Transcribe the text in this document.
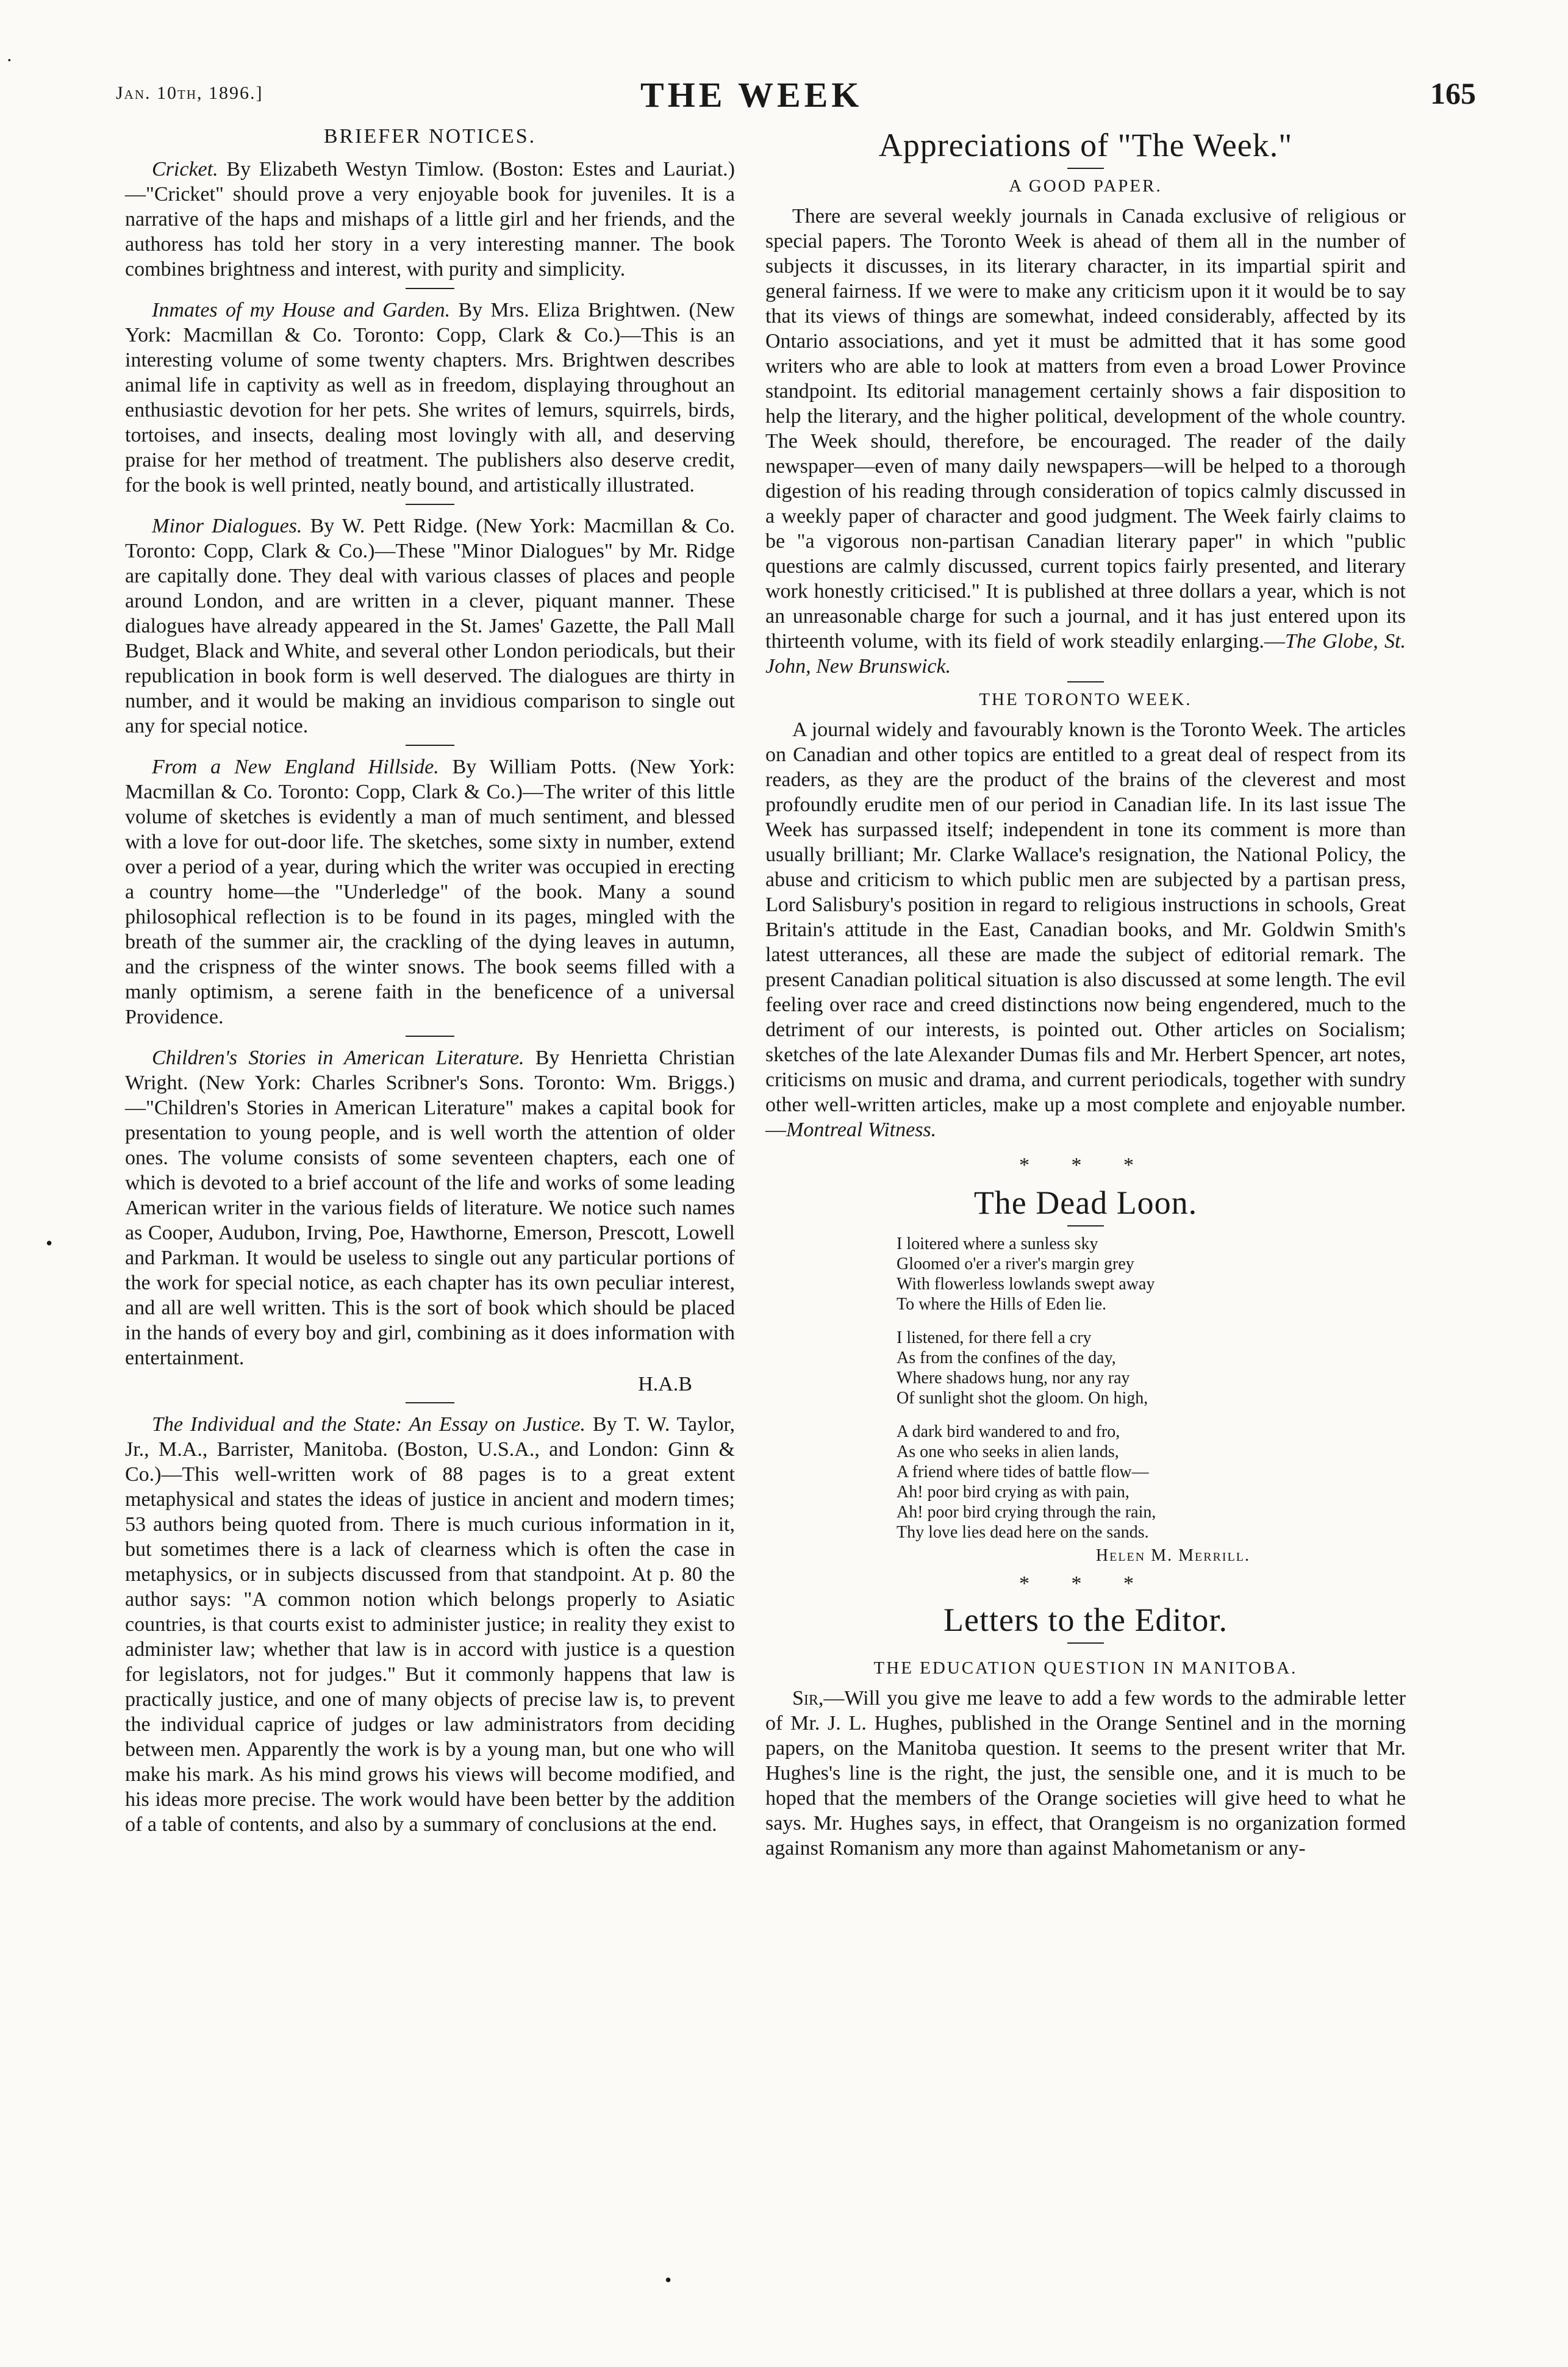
Jan. 10th, 1896.]	THE WEEK	165
·
•
•
BRIEFER NOTICES.

Cricket. By Elizabeth Westyn Timlow. (Boston: Estes and Lauriat.)—"Cricket" should prove a very enjoyable book for juveniles. It is a narrative of the haps and mishaps of a little girl and her friends, and the authoress has told her story in a very interesting manner. The book combines brightness and interest, with purity and simplicity.

Inmates of my House and Garden. By Mrs. Eliza Brightwen. (New York: Macmillan & Co. Toronto: Copp, Clark & Co.)—This is an interesting volume of some twenty chapters. Mrs. Brightwen describes animal life in captivity as well as in freedom, displaying throughout an enthusiastic devotion for her pets. She writes of lemurs, squirrels, birds, tortoises, and insects, dealing most lovingly with all, and deserving praise for her method of treatment. The publishers also deserve credit, for the book is well printed, neatly bound, and artistically illustrated.

Minor Dialogues. By W. Pett Ridge. (New York: Macmillan & Co. Toronto: Copp, Clark & Co.)—These "Minor Dialogues" by Mr. Ridge are capitally done. They deal with various classes of places and people around London, and are written in a clever, piquant manner. These dialogues have already appeared in the St. James' Gazette, the Pall Mall Budget, Black and White, and several other London periodicals, but their republication in book form is well deserved. The dialogues are thirty in number, and it would be making an invidious comparison to single out any for special notice.

From a New England Hillside. By William Potts. (New York: Macmillan & Co. Toronto: Copp, Clark & Co.)—The writer of this little volume of sketches is evidently a man of much sentiment, and blessed with a love for out-door life. The sketches, some sixty in number, extend over a period of a year, during which the writer was occupied in erecting a country home—the "Underledge" of the book. Many a sound philosophical reflection is to be found in its pages, mingled with the breath of the summer air, the crackling of the dying leaves in autumn, and the crispness of the winter snows. The book seems filled with a manly optimism, a serene faith in the beneficence of a universal Providence.

Children's Stories in American Literature. By Henrietta Christian Wright. (New York: Charles Scribner's Sons. Toronto: Wm. Briggs.)—"Children's Stories in American Literature" makes a capital book for presentation to young people, and is well worth the attention of older ones. The volume consists of some seventeen chapters, each one of which is devoted to a brief account of the life and works of some leading American writer in the various fields of literature. We notice such names as Cooper, Audubon, Irving, Poe, Hawthorne, Emerson, Prescott, Lowell and Parkman. It would be useless to single out any particular portions of the work for special notice, as each chapter has its own peculiar interest, and all are well written. This is the sort of book which should be placed in the hands of every boy and girl, combining as it does information with entertainment.

H.A.B

The Individual and the State: An Essay on Justice. By T. W. Taylor, Jr., M.A., Barrister, Manitoba. (Boston, U.S.A., and London: Ginn & Co.)—This well-written work of 88 pages is to a great extent metaphysical and states the ideas of justice in ancient and modern times; 53 authors being quoted from. There is much curious information in it, but sometimes there is a lack of clearness which is often the case in metaphysics, or in subjects discussed from that standpoint. At p. 80 the author says: "A common notion which belongs properly to Asiatic countries, is that courts exist to administer justice; in reality they exist to administer law; whether that law is in accord with justice is a question for legislators, not for judges." But it commonly happens that law is practically justice, and one of many objects of precise law is, to prevent the individual caprice of judges or law administrators from deciding between men. Apparently the work is by a young man, but one who will make his mark. As his mind grows his views will become modified, and his ideas more precise. The work would have been better by the addition of a table of contents, and also by a summary of conclusions at the end.

Appreciations of "The Week."
A GOOD PAPER.

There are several weekly journals in Canada exclusive of religious or special papers. The Toronto Week is ahead of them all in the number of subjects it discusses, in its literary character, in its impartial spirit and general fairness. If we were to make any criticism upon it it would be to say that its views of things are somewhat, indeed considerably, affected by its Ontario associations, and yet it must be admitted that it has some good writers who are able to look at matters from even a broad Lower Province standpoint. Its editorial management certainly shows a fair disposition to help the literary, and the higher political, development of the whole country. The Week should, therefore, be encouraged. The reader of the daily newspaper—even of many daily newspapers—will be helped to a thorough digestion of his reading through consideration of topics calmly discussed in a weekly paper of character and good judgment. The Week fairly claims to be "a vigorous non-partisan Canadian literary paper" in which "public questions are calmly discussed, current topics fairly presented, and literary work honestly criticised." It is published at three dollars a year, which is not an unreasonable charge for such a journal, and it has just entered upon its thirteenth volume, with its field of work steadily enlarging.—The Globe, St. John, New Brunswick.

THE TORONTO WEEK.

A journal widely and favourably known is the Toronto Week. The articles on Canadian and other topics are entitled to a great deal of respect from its readers, as they are the product of the brains of the cleverest and most profoundly erudite men of our period in Canadian life. In its last issue The Week has surpassed itself; independent in tone its comment is more than usually brilliant; Mr. Clarke Wallace's resignation, the National Policy, the abuse and criticism to which public men are subjected by a partisan press, Lord Salisbury's position in regard to religious instructions in schools, Great Britain's attitude in the East, Canadian books, and Mr. Goldwin Smith's latest utterances, all these are made the subject of editorial remark. The present Canadian political situation is also discussed at some length. The evil feeling over race and creed distinctions now being engendered, much to the detriment of our interests, is pointed out. Other articles on Socialism; sketches of the late Alexander Dumas fils and Mr. Herbert Spencer, art notes, criticisms on music and drama, and current periodicals, together with sundry other well-written articles, make up a most complete and enjoyable number.—Montreal Witness.

* * *
The Dead Loon.
I loitered where a sunless sky
Gloomed o'er a river's margin grey
With flowerless lowlands swept away
To where the Hills of Eden lie.
I listened, for there fell a cry
As from the confines of the day,
Where shadows hung, nor any ray
Of sunlight shot the gloom. On high,
A dark bird wandered to and fro,
As one who seeks in alien lands,
A friend where tides of battle flow—
Ah! poor bird crying as with pain,
Ah! poor bird crying through the rain,
Thy love lies dead here on the sands.
Helen M. Merrill.
* * *
Letters to the Editor.
THE EDUCATION QUESTION IN MANITOBA.

Sir,—Will you give me leave to add a few words to the admirable letter of Mr. J. L. Hughes, published in the Orange Sentinel and in the morning papers, on the Manitoba question. It seems to the present writer that Mr. Hughes's line is the right, the just, the sensible one, and it is much to be hoped that the members of the Orange societies will give heed to what he says. Mr. Hughes says, in effect, that Orangeism is no organization formed against Romanism any more than against Mahometanism or any-
